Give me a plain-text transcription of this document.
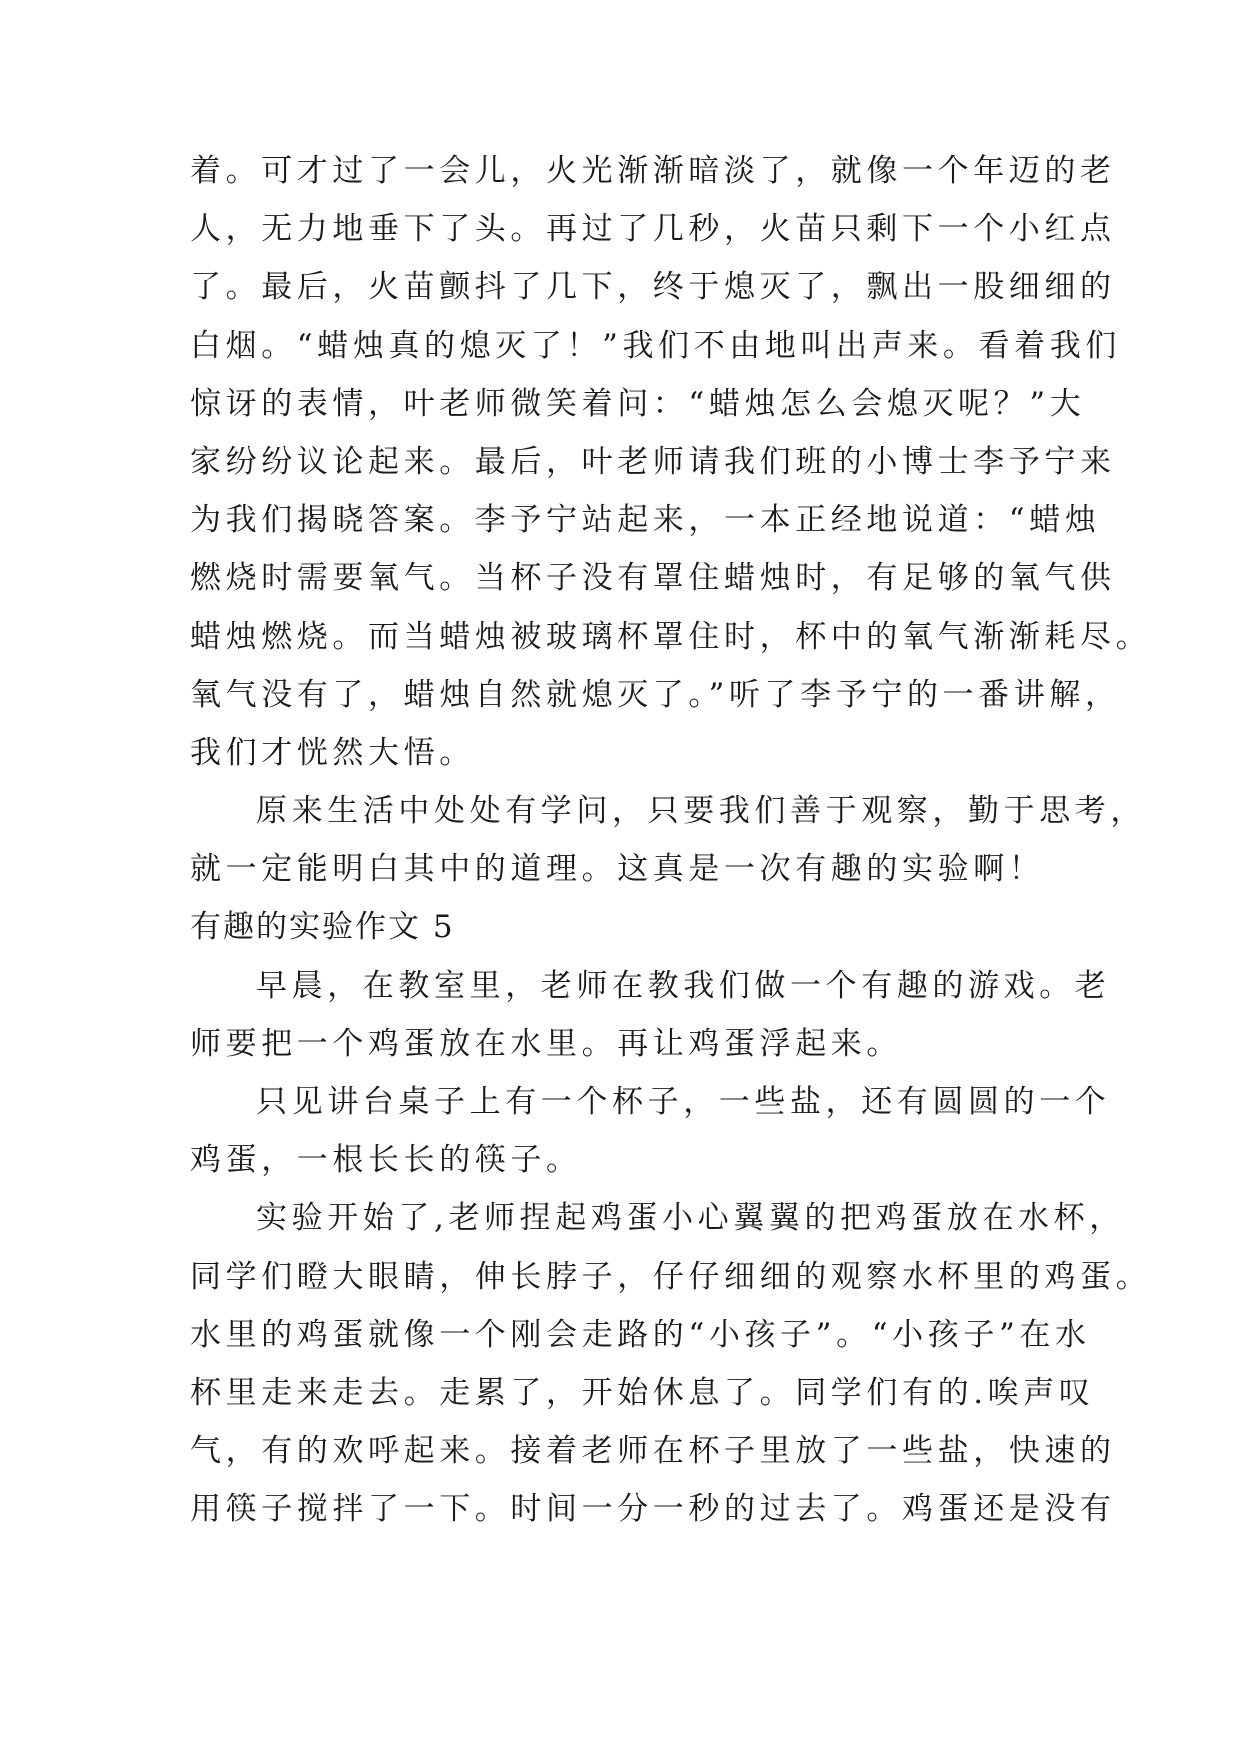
着。可才过了一会儿，火光渐渐暗淡了，就像一个年迈的老
人，无力地垂下了头。再过了几秒，火苗只剩下一个小红点
了。最后，火苗颤抖了几下，终于熄灭了，飘出一股细细的
白烟。“蜡烛真的熄灭了！”我们不由地叫出声来。看着我们
惊讶的表情，叶老师微笑着问：“蜡烛怎么会熄灭呢？”大
家纷纷议论起来。最后，叶老师请我们班的小博士李予宁来
为我们揭晓答案。李予宁站起来，一本正经地说道：“蜡烛
燃烧时需要氧气。当杯子没有罩住蜡烛时，有足够的氧气供
蜡烛燃烧。而当蜡烛被玻璃杯罩住时，杯中的氧气渐渐耗尽。
氧气没有了，蜡烛自然就熄灭了。”听了李予宁的一番讲解，
我们才恍然大悟。
原来生活中处处有学问，只要我们善于观察，勤于思考，
就一定能明白其中的道理。这真是一次有趣的实验啊！
有趣的实验作文 5
早晨，在教室里，老师在教我们做一个有趣的游戏。老
师要把一个鸡蛋放在水里。再让鸡蛋浮起来。
只见讲台桌子上有一个杯子，一些盐，还有圆圆的一个
鸡蛋，一根长长的筷子。
实验开始了,老师捏起鸡蛋小心翼翼的把鸡蛋放在水杯，
同学们瞪大眼睛，伸长脖子，仔仔细细的观察水杯里的鸡蛋。
水里的鸡蛋就像一个刚会走路的“小孩子”。“小孩子”在水
杯里走来走去。走累了，开始休息了。同学们有的.唉声叹
气，有的欢呼起来。接着老师在杯子里放了一些盐，快速的
用筷子搅拌了一下。时间一分一秒的过去了。鸡蛋还是没有
